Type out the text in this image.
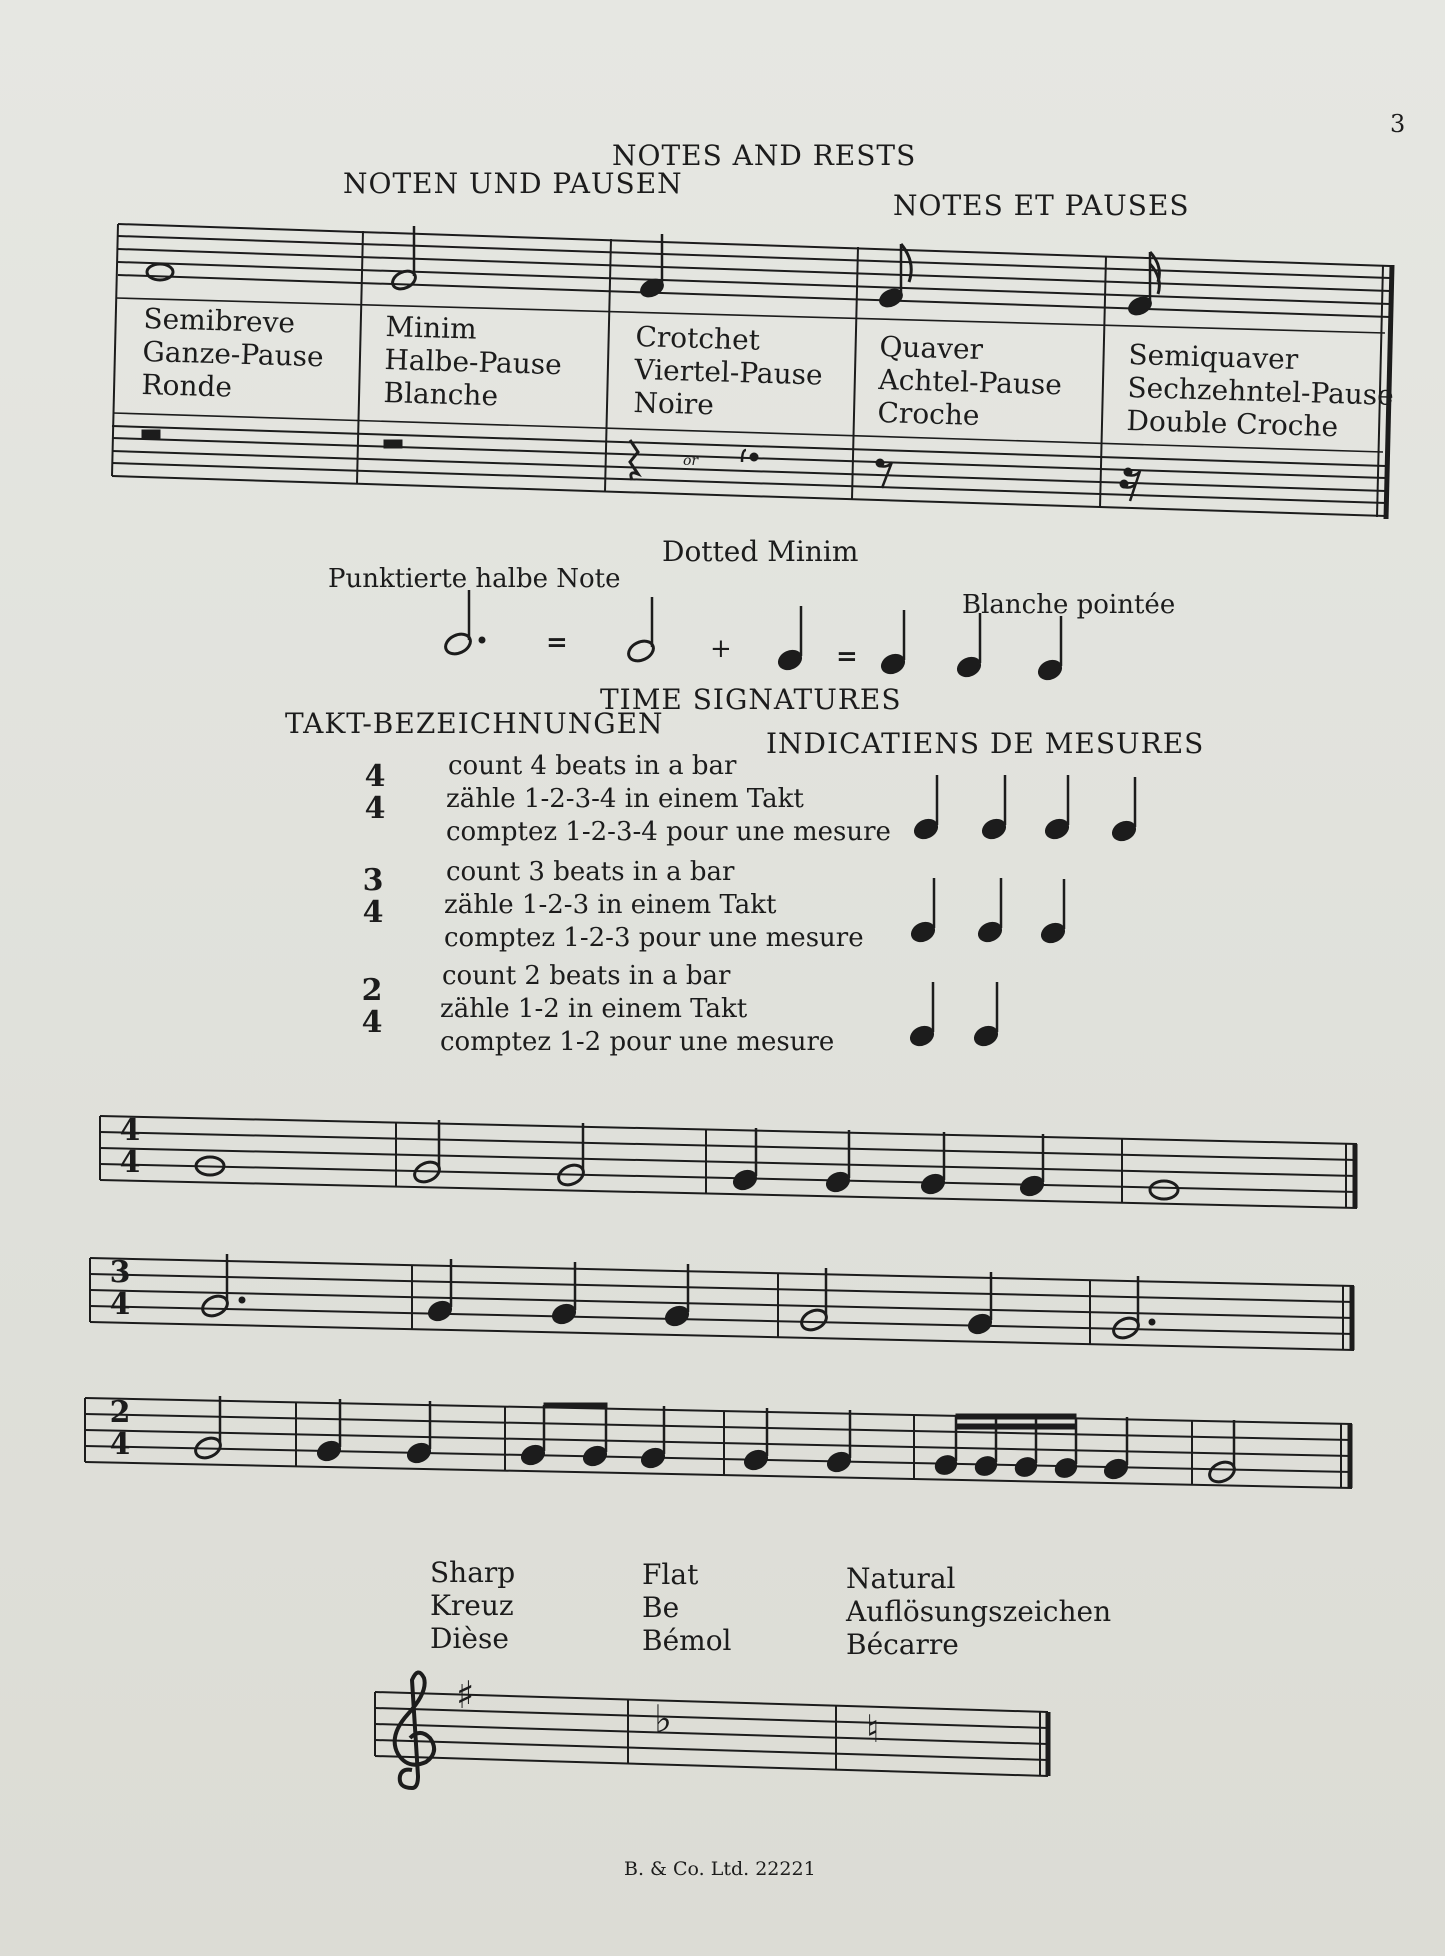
3
NOTES AND RESTS
NOTEN UND PAUSEN
NOTES ET PAUSES
Semibreve
Ganze-Pause
Ronde
Minim
Halbe-Pause
Blanche
Crotchet
Viertel-Pause
Noire
Quaver
Achtel-Pause
Croche
Semiquaver
Sechzehntel-Pause
Double Croche
or
Dotted Minim
Punktierte halbe Note
Blanche pointée
=	+	=
TIME SIGNATURES
TAKT-BEZEICHNUNGEN
INDICATIENS DE MESURES
4
4
count 4 beats in a bar
zähle 1-2-3-4 in einem Takt
comptez 1-2-3-4 pour une mesure
3
4
count 3 beats in a bar
zähle 1-2-3 in einem Takt
comptez 1-2-3 pour une mesure
2
4
count 2 beats in a bar
zähle 1-2 in einem Takt
comptez 1-2 pour une mesure
4
4
3
4
2
4
Sharp
Kreuz
Dièse
Flat
Be
Bémol
Natural
Auflösungszeichen
Bécarre
♯
♭	♮
B. & Co. Ltd. 22221
